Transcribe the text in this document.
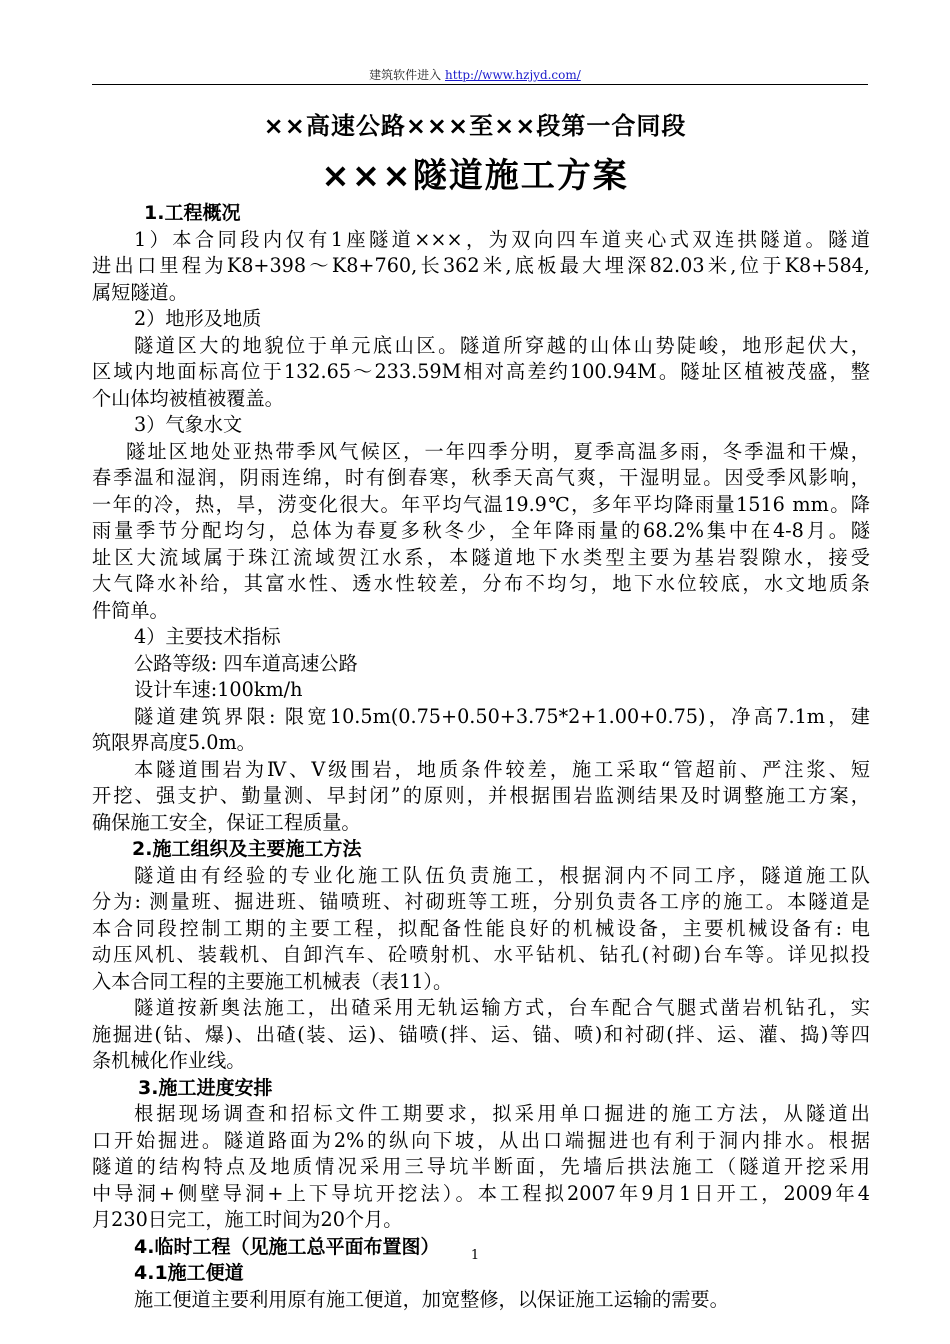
建筑软件进入 http://www.hzjyd.com/
××高速公路×××至××段第一合同段
×××隧道施工方案
1.工程概况
1）本合同段内仅有1座隧道×××，为双向四车道夹心式双连拱隧道。隧道
进出口里程为K8+398～K8+760,长362米,底板最大埋深82.03米,位于K8+584,
属短隧道。
2）地形及地质
隧道区大的地貌位于单元底山区。隧道所穿越的山体山势陡峻，地形起伏大，
区域内地面标高位于132.65～233.59M相对高差约100.94M。隧址区植被茂盛，整
个山体均被植被覆盖。
3）气象水文
隧址区地处亚热带季风气候区，一年四季分明，夏季高温多雨，冬季温和干燥，
春季温和湿润，阴雨连绵，时有倒春寒，秋季天高气爽，干湿明显。因受季风影响，
一年的冷，热，旱，涝变化很大。年平均气温19.9℃，多年平均降雨量1516 mm。降
雨量季节分配均匀，总体为春夏多秋冬少，全年降雨量的68.2%集中在4-8月。隧
址区大流域属于珠江流域贺江水系，本隧道地下水类型主要为基岩裂隙水，接受
大气降水补给，其富水性、透水性较差，分布不均匀，地下水位较底，水文地质条
件简单。
4）主要技术指标
公路等级: 四车道高速公路
设计车速:100km/h
隧道建筑界限: 限宽10.5m(0.75+0.50+3.75*2+1.00+0.75)，净高7.1m，建
筑限界高度5.0m。
本隧道围岩为Ⅳ、Ⅴ级围岩，地质条件较差，施工采取“管超前、严注浆、短
开挖、强支护、勤量测、早封闭”的原则，并根据围岩监测结果及时调整施工方案，
确保施工安全，保证工程质量。
2.施工组织及主要施工方法
隧道由有经验的专业化施工队伍负责施工，根据洞内不同工序，隧道施工队
分为: 测量班、掘进班、锚喷班、衬砌班等工班，分别负责各工序的施工。本隧道是
本合同段控制工期的主要工程，拟配备性能良好的机械设备，主要机械设备有: 电
动压风机、装载机、自卸汽车、砼喷射机、水平钻机、钻孔(衬砌)台车等。详见拟投
入本合同工程的主要施工机械表（表11）。
隧道按新奥法施工，出碴采用无轨运输方式，台车配合气腿式凿岩机钻孔，实
施掘进(钻、爆)、出碴(装、运)、锚喷(拌、运、锚、喷)和衬砌(拌、运、灌、捣)等四
条机械化作业线。
3.施工进度安排
根据现场调查和招标文件工期要求，拟采用单口掘进的施工方法，从隧道出
口开始掘进。隧道路面为2%的纵向下坡，从出口端掘进也有利于洞内排水。根据
隧道的结构特点及地质情况采用三导坑半断面，先墙后拱法施工（隧道开挖采用
中导洞+侧壁导洞+上下导坑开挖法）。本工程拟2007年9月1日开工，2009年4
月230日完工，施工时间为20个月。
4.临时工程（见施工总平面布置图）
4.1施工便道
施工便道主要利用原有施工便道，加宽整修，以保证施工运输的需要。
1
